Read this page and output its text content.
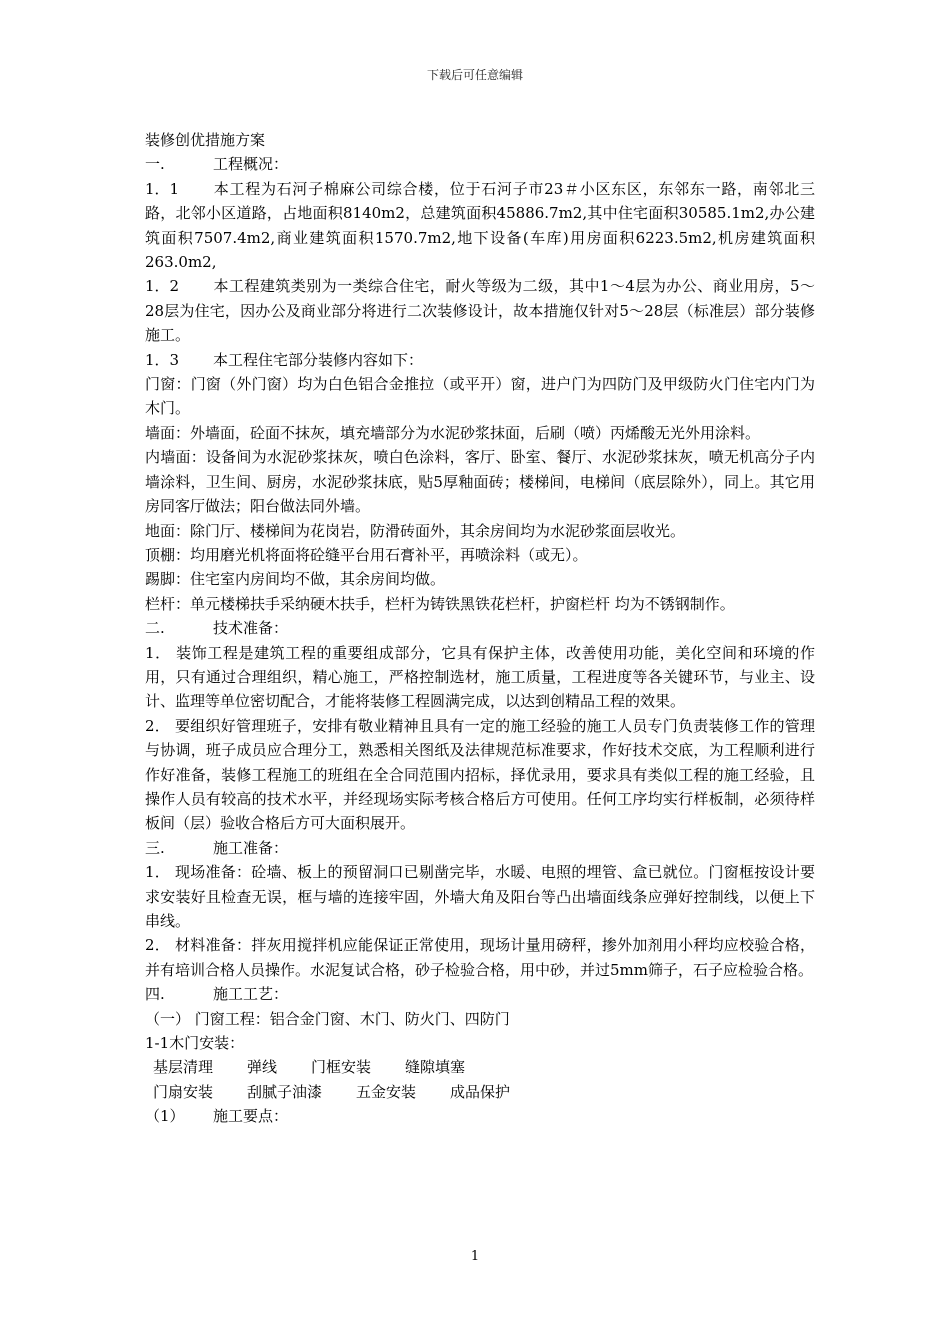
下载后可任意编辑

装修创优措施方案

一.	工程概况：

1．1 本工程为石河子棉麻公司综合楼，位于石河子市23＃小区东区，东邻东一路，南邻北三路，北邻小区道路，占地面积8140m2，总建筑面积45886.7m2,其中住宅面积30585.1m2,办公建筑面积7507.4m2,商业建筑面积1570.7m2,地下设备(车库)用房面积6223.5m2,机房建筑面积263.0m2,

1．2 本工程建筑类别为一类综合住宅，耐火等级为二级，其中1～4层为办公、商业用房，5～28层为住宅，因办公及商业部分将进行二次装修设计，故本措施仅针对5～28层（标准层）部分装修施工。

1．3 本工程住宅部分装修内容如下：

门窗：门窗（外门窗）均为白色铝合金推拉（或平开）窗，进户门为四防门及甲级防火门住宅内门为木门。

墙面：外墙面，砼面不抹灰，填充墙部分为水泥砂浆抹面，后刷（喷）丙烯酸无光外用涂料。

内墙面：设备间为水泥砂浆抹灰，喷白色涂料，客厅、卧室、餐厅、水泥砂浆抹灰，喷无机高分子内墙涂料，卫生间、厨房，水泥砂浆抹底，贴5厚釉面砖；楼梯间，电梯间（底层除外），同上。其它用房同客厅做法；阳台做法同外墙。

地面：除门厅、楼梯间为花岗岩，防滑砖面外，其余房间均为水泥砂浆面层收光。

顶棚：均用磨光机将面将砼缝平台用石膏补平，再喷涂料（或无）。

踢脚：住宅室内房间均不做，其余房间均做。

栏杆：单元楼梯扶手采纳硬木扶手，栏杆为铸铁黑铁花栏杆，护窗栏杆 均为不锈钢制作。

二.	技术准备：

1． 装饰工程是建筑工程的重要组成部分，它具有保护主体，改善使用功能，美化空间和环境的作用，只有通过合理组织，精心施工，严格控制选材，施工质量，工程进度等各关键环节，与业主、设计、监理等单位密切配合，才能将装修工程圆满完成，以达到创精品工程的效果。

2． 要组织好管理班子，安排有敬业精神且具有一定的施工经验的施工人员专门负责装修工作的管理与协调，班子成员应合理分工，熟悉相关图纸及法律规范标准要求，作好技术交底，为工程顺利进行作好准备，装修工程施工的班组在全合同范围内招标，择优录用，要求具有类似工程的施工经验，且操作人员有较高的技术水平，并经现场实际考核合格后方可使用。任何工序均实行样板制，必须待样板间（层）验收合格后方可大面积展开。

三.	施工准备：

1． 现场准备：砼墙、板上的预留洞口已剔凿完毕，水暖、电照的埋管、盒已就位。门窗框按设计要求安装好且检查无误，框与墙的连接牢固，外墙大角及阳台等凸出墙面线条应弹好控制线，以便上下串线。

2． 材料准备：拌灰用搅拌机应能保证正常使用，现场计量用磅秤，掺外加剂用小秤均应校验合格，并有培训合格人员操作。水泥复试合格，砂子检验合格，用中砂，并过5mm筛子，石子应检验合格。

四.	施工工艺：

（一） 门窗工程：铝合金门窗、木门、防火门、四防门

1-1木门安装：

基层清理 弹线 门框安装 缝隙填塞

门扇安装 刮腻子油漆 五金安装 成品保护

（1） 施工要点：

1
